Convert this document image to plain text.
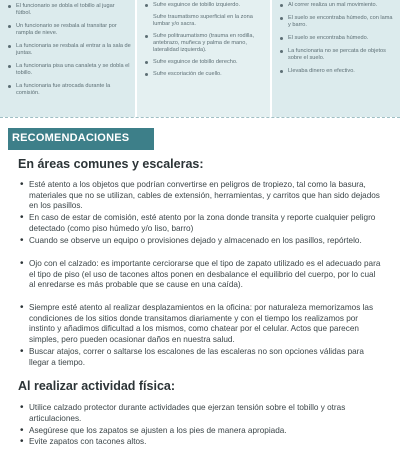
El funcionario se dobla el tobillo al jugar fútbol.

Un funcionario se resbala al transitar por rampla de nieve.

La funcionaria se resbala al entrar a la sala de juntas.

La funcionaria pisa una canaleta y se dobla el tobillo.

La funcionaria fue atrocada durante la comisión.

Sufre esguince de tobillo izquierdo.

Sufre traumatismo superficial en la zona lumbar y/o sacra.

Sufre politraumatismo (trauma en rodilla, antebrazo, muñeca y palma de mano, lateralidad izquierda).

Sufre esguince de tobillo derecho.

Sufre escoriación de cuello.

Al correr realiza un mal movimiento.

El suelo se encontraba húmedo, con lama y barro.

El suelo se encontraba húmedo.

La funcionaria no se percata de objetos sobre el suelo.

Llevaba dinero en efectivo.

RECOMENDACIONES
En áreas comunes y escaleras:
• Esté atento a los objetos que podrían convertirse en peligros de tropiezo, tal como la basura, materiales que no se utilizan, cables de extensión, herramientas, y carritos que han sido dejados en los pasillos.
• En caso de estar de comisión, esté atento por la zona donde transita y reporte cualquier peligro detectado (como piso húmedo y/o liso, barro)
• Cuando se observe un equipo o provisiones dejado y almacenado en los pasillos, repórtelo.
• Ojo con el calzado: es importante cerciorarse que el tipo de zapato utilizado es el adecuado para el tipo de piso (el uso de tacones altos ponen en desbalance el equilibrio del cuerpo, por lo cual al enredarse es más probable que se cause en una caída).
• Siempre esté atento al realizar desplazamientos en la oficina: por naturaleza memorizamos las condiciones de los sitios donde transitamos diariamente y con el tiempo los realizamos por instinto y añadimos dificultad a los mismos, como chatear por el celular. Actos que parecen simples, pero pueden ocasionar daños en nuestra salud.
• Buscar atajos, correr o saltarse los escalones de las escaleras no son opciones válidas para llegar a tiempo.
Al realizar actividad física:
• Utilice calzado protector durante actividades que ejerzan tensión sobre el tobillo y otras articulaciones.
• Asegúrese que los zapatos se ajusten a los pies de manera apropiada.
• Evite zapatos con tacones altos.
